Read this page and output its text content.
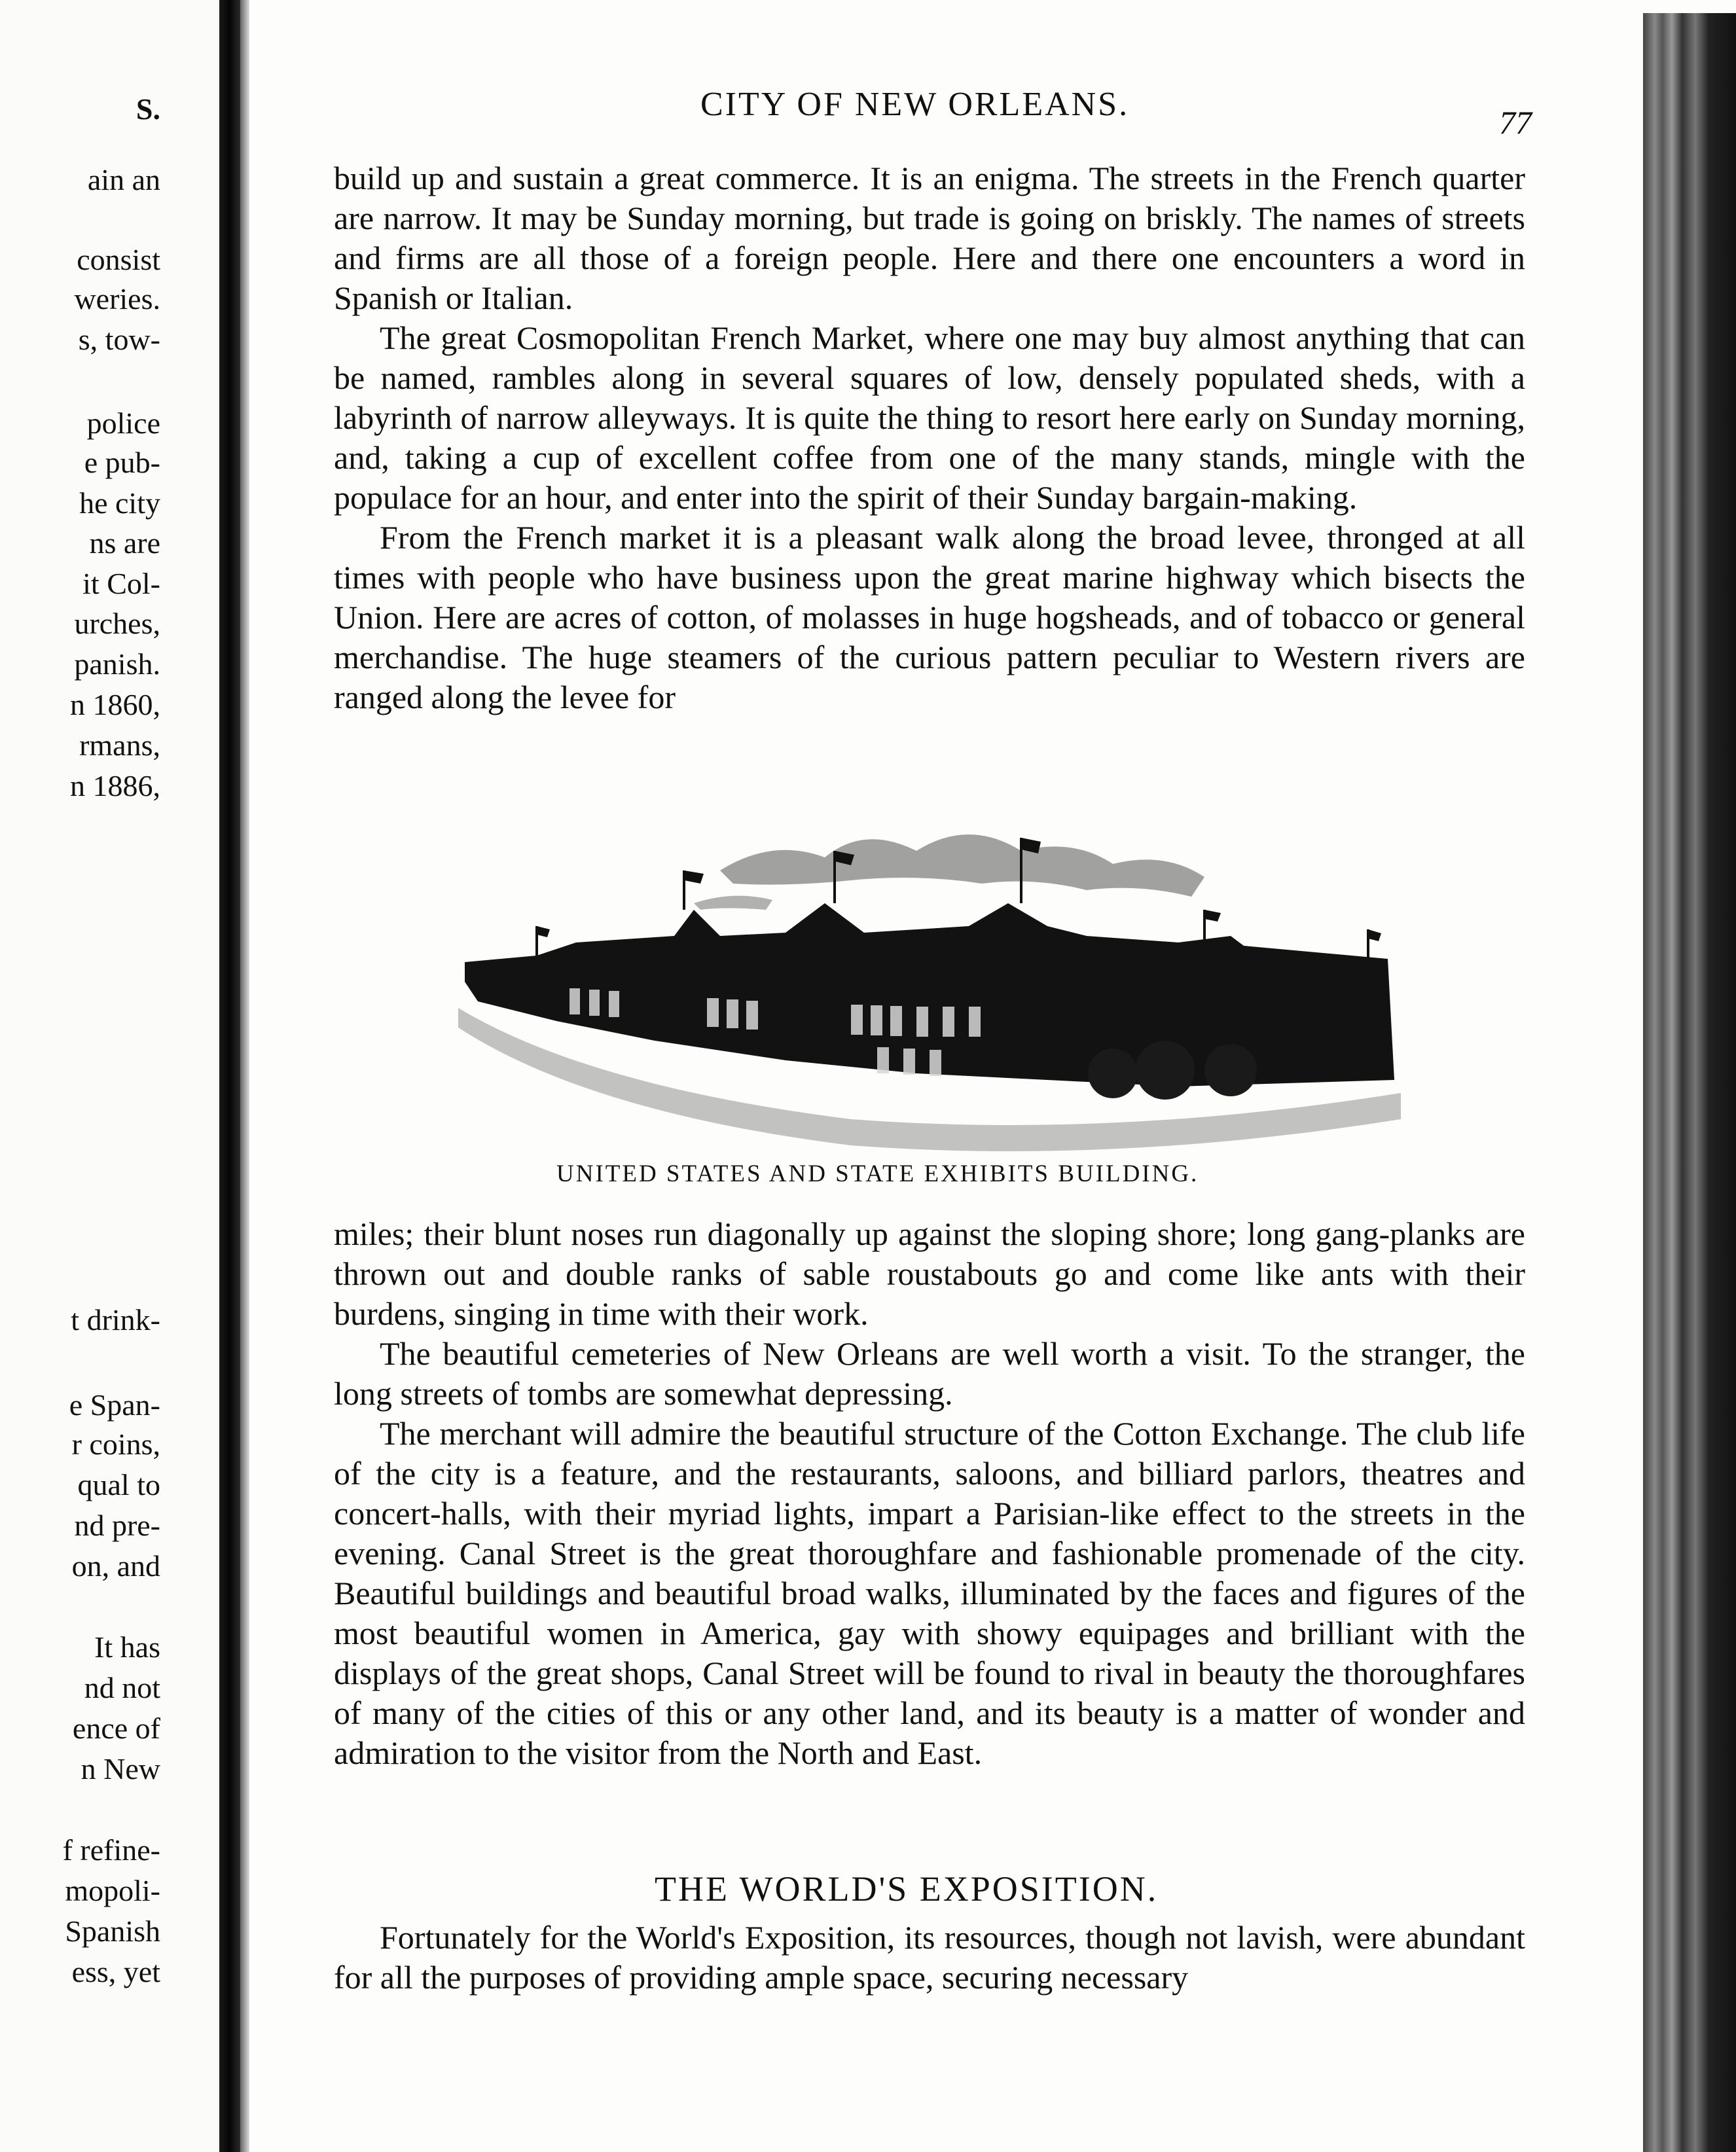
S.
ain an
consist
weries.
s, tow-
police
e pub-
he city
ns are
it Col-
urches,
panish.
n 1860,
rmans,
n 1886,
t drink-
e Span-
r coins,
qual to
nd pre-
on, and
It has
nd not
ence of
n New
f refine-
mopoli-
Spanish
ess, yet
CITY OF NEW ORLEANS.	77

build up and sustain a great commerce. It is an enigma. The streets in the French quarter are narrow. It may be Sunday morning, but trade is going on briskly. The names of streets and firms are all those of a foreign people. Here and there one encounters a word in Spanish or Italian.

The great Cosmopolitan French Market, where one may buy almost anything that can be named, rambles along in several squares of low, densely populated sheds, with a labyrinth of narrow alleyways. It is quite the thing to resort here early on Sunday morning, and, taking a cup of excellent coffee from one of the many stands, mingle with the populace for an hour, and enter into the spirit of their Sunday bargain-making.

From the French market it is a pleasant walk along the broad levee, thronged at all times with people who have business upon the great marine highway which bisects the Union. Here are acres of cotton, of molasses in huge hogsheads, and of tobacco or general merchandise. The huge steamers of the curious pattern peculiar to Western rivers are ranged along the levee for

UNITED STATES AND STATE EXHIBITS BUILDING.

miles; their blunt noses run diagonally up against the sloping shore; long gang-planks are thrown out and double ranks of sable roustabouts go and come like ants with their burdens, singing in time with their work.

The beautiful cemeteries of New Orleans are well worth a visit. To the stranger, the long streets of tombs are somewhat depressing.

The merchant will admire the beautiful structure of the Cotton Exchange. The club life of the city is a feature, and the restaurants, saloons, and billiard parlors, theatres and concert-halls, with their myriad lights, impart a Parisian-like effect to the streets in the evening. Canal Street is the great thoroughfare and fashionable promenade of the city. Beautiful buildings and beautiful broad walks, illuminated by the faces and figures of the most beautiful women in America, gay with showy equipages and brilliant with the displays of the great shops, Canal Street will be found to rival in beauty the thoroughfares of many of the cities of this or any other land, and its beauty is a matter of wonder and admiration to the visitor from the North and East.

THE WORLD'S EXPOSITION.

Fortunately for the World's Exposition, its resources, though not lavish, were abundant for all the purposes of providing ample space, securing necessary
